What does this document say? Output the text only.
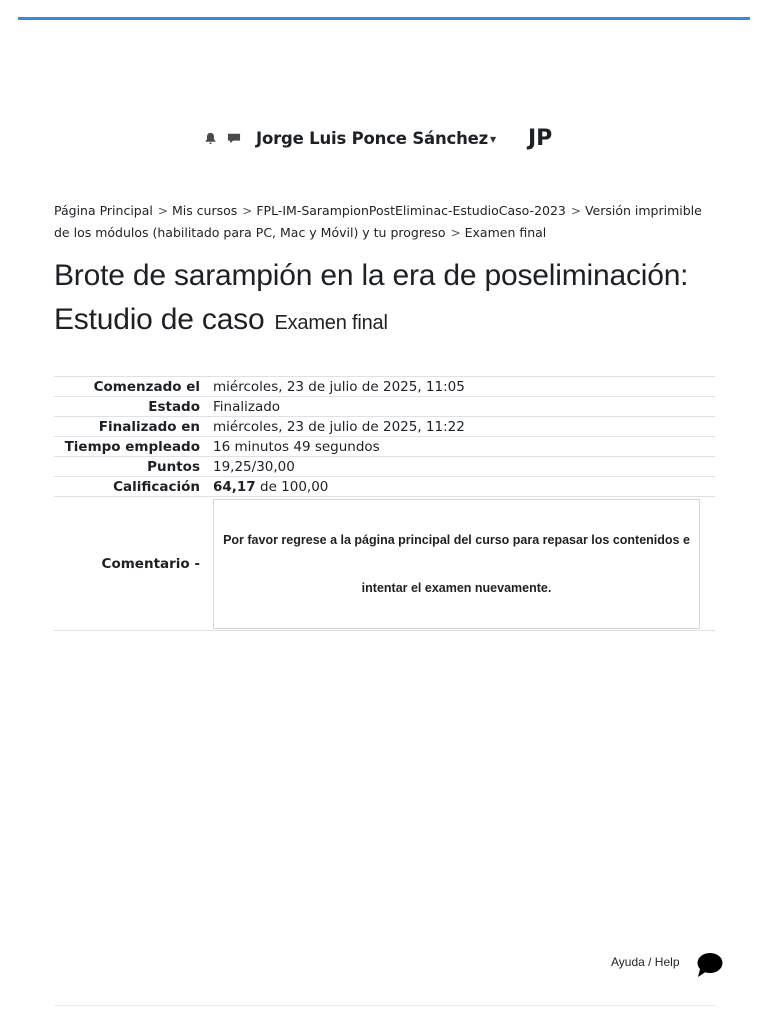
Jorge Luis Ponce Sánchez ▼ JP
Página Principal > Mis cursos > FPL-IM-SarampionPostEliminac-EstudioCaso-2023 > Versión imprimible de los módulos (habilitado para PC, Mac y Móvil) y tu progreso > Examen final
Brote de sarampión en la era de poseliminación: Estudio de caso Examen final
Comenzado el	miércoles, 23 de julio de 2025, 11:05
Estado	Finalizado
Finalizado en	miércoles, 23 de julio de 2025, 11:22
Tiempo empleado	16 minutos 49 segundos
Puntos	19,25/30,00
Calificación	64,17 de 100,00
Comentario -	Por favor regrese a la página principal del curso para repasar los contenidos e
intentar el examen nuevamente.
Ayuda / Help
